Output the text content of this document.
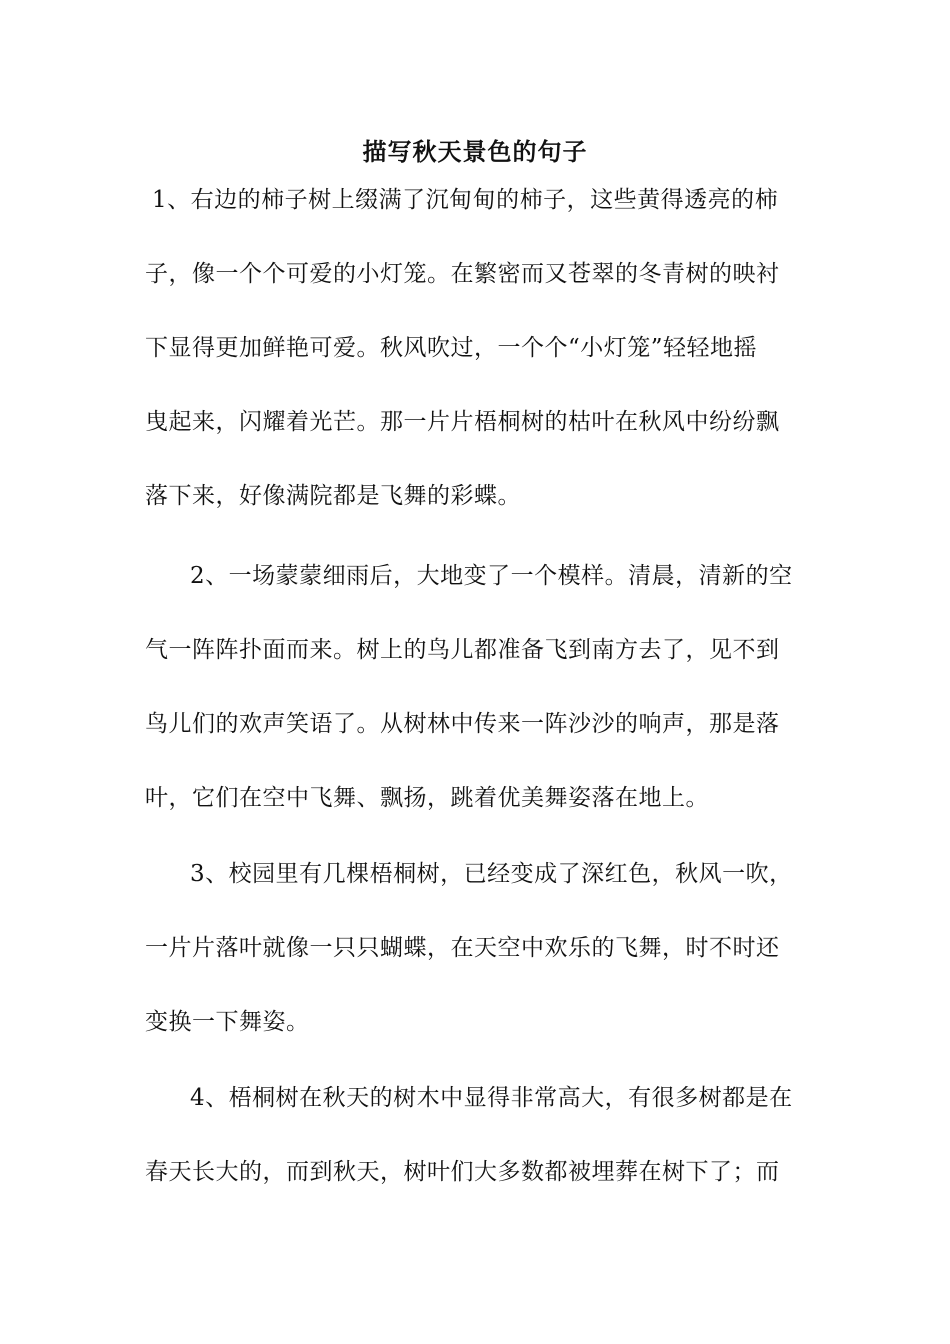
描写秋天景色的句子
1、右边的柿子树上缀满了沉甸甸的柿子，这些黄得透亮的柿
子，像一个个可爱的小灯笼。在繁密而又苍翠的冬青树的映衬
下显得更加鲜艳可爱。秋风吹过，一个个“小灯笼”轻轻地摇
曳起来，闪耀着光芒。那一片片梧桐树的枯叶在秋风中纷纷飘
落下来，好像满院都是飞舞的彩蝶。
2、一场蒙蒙细雨后，大地变了一个模样。清晨，清新的空
气一阵阵扑面而来。树上的鸟儿都准备飞到南方去了，见不到
鸟儿们的欢声笑语了。从树林中传来一阵沙沙的响声，那是落
叶，它们在空中飞舞、飘扬，跳着优美舞姿落在地上。
3、校园里有几棵梧桐树，已经变成了深红色，秋风一吹，
一片片落叶就像一只只蝴蝶，在天空中欢乐的飞舞，时不时还
变换一下舞姿。
4、梧桐树在秋天的树木中显得非常高大，有很多树都是在
春天长大的，而到秋天，树叶们大多数都被埋葬在树下了；而
